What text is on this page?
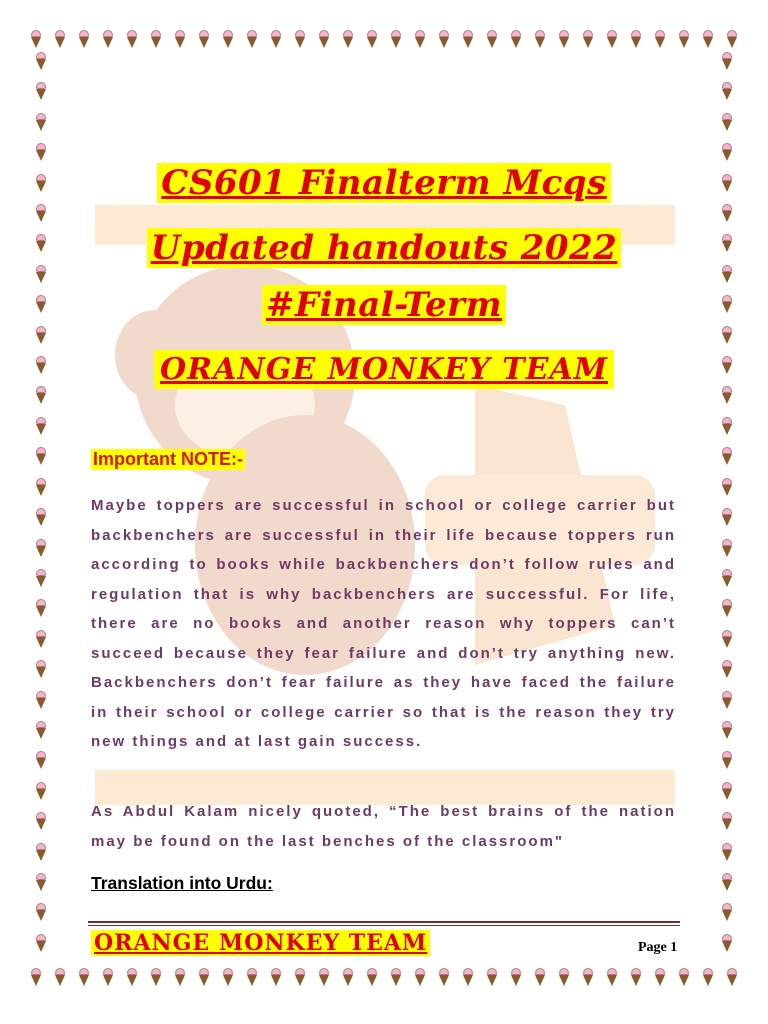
CS601 Finalterm Mcqs
Updated handouts 2022
#Final-Term
ORANGE MONKEY TEAM
Important NOTE:-
Maybe toppers are successful in school or college carrier but backbenchers are successful in their life because toppers run according to books while backbenchers don’t follow rules and regulation that is why backbenchers are successful. For life, there are no books and another reason why toppers can’t succeed because they fear failure and don’t try anything new. Backbenchers don’t fear failure as they have faced the failure in their school or college carrier so that is the reason they try new things and at last gain success.
As Abdul Kalam nicely quoted, “The best brains of the nation may be found on the last benches of the classroom"
Translation into Urdu:
ORANGE MONKEY TEAM	Page 1
